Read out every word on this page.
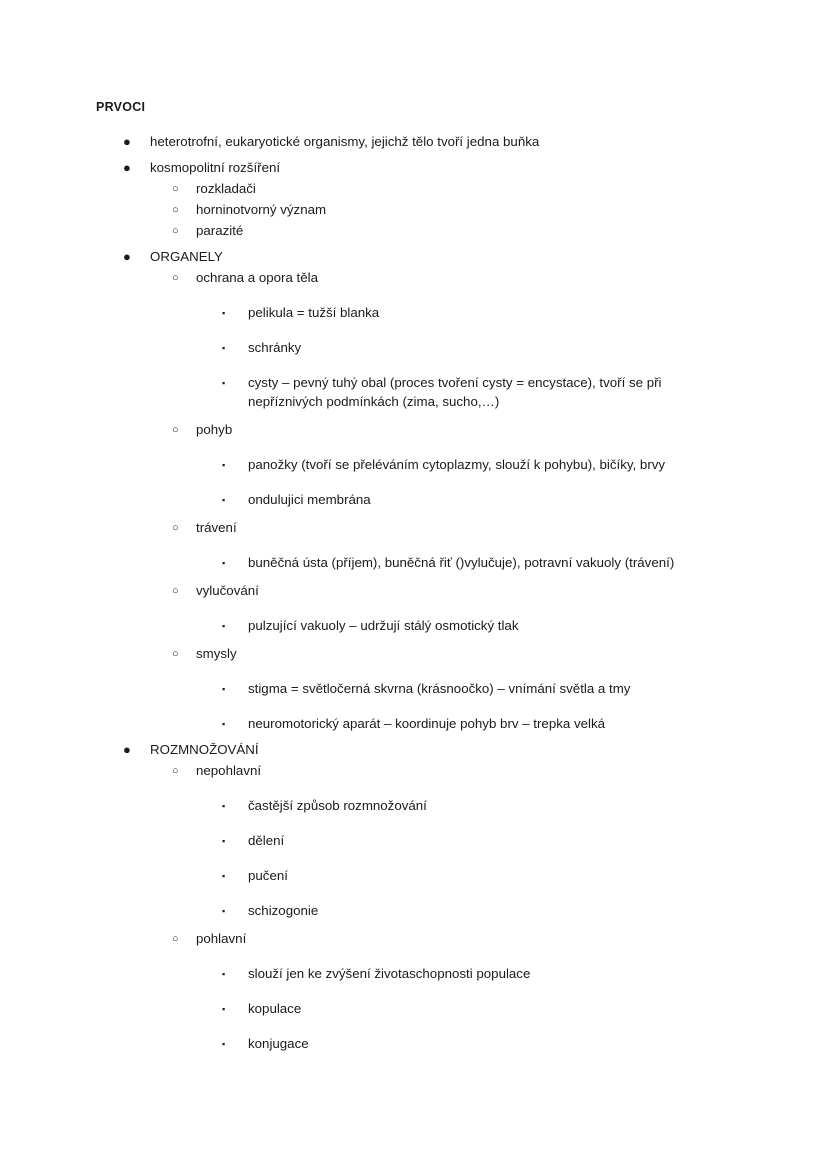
PRVOCI
● heterotrofní, eukaryotické organismy, jejichž tělo tvoří jedna buňka
● kosmopolitní rozšíření
○ rozkladači
○ horninotvorný význam
○ parazité
● ORGANELY
○ ochrana a opora těla
▪ pelikula = tužší blanka
▪ schránky
▪ cysty – pevný tuhý obal (proces tvoření cysty = encystace), tvoří se při nepříznivých podmínkách (zima, sucho,…)
○ pohyb
▪ panožky (tvoří se přeléváním cytoplazmy, slouží k pohybu), bičíky, brvy
▪ ondulujici membrána
○ trávení
▪ buněčná ústa (příjem), buněčná řiť ()vylučuje), potravní vakuoly (trávení)
○ vylučování
▪ pulzující vakuoly – udržují stálý osmotický tlak
○ smysly
▪ stigma = světločerná skvrna (krásnoočko) – vnímání světla a tmy
▪ neuromotorický aparát – koordinuje pohyb brv – trepka velká
● ROZMNOŽOVÁNÍ
○ nepohlavní
▪ častější způsob rozmnožování
▪ dělení
▪ pučení
▪ schizogonie
○ pohlavní
▪ slouží jen ke zvýšení životaschopnosti populace
▪ kopulace
▪ konjugace
